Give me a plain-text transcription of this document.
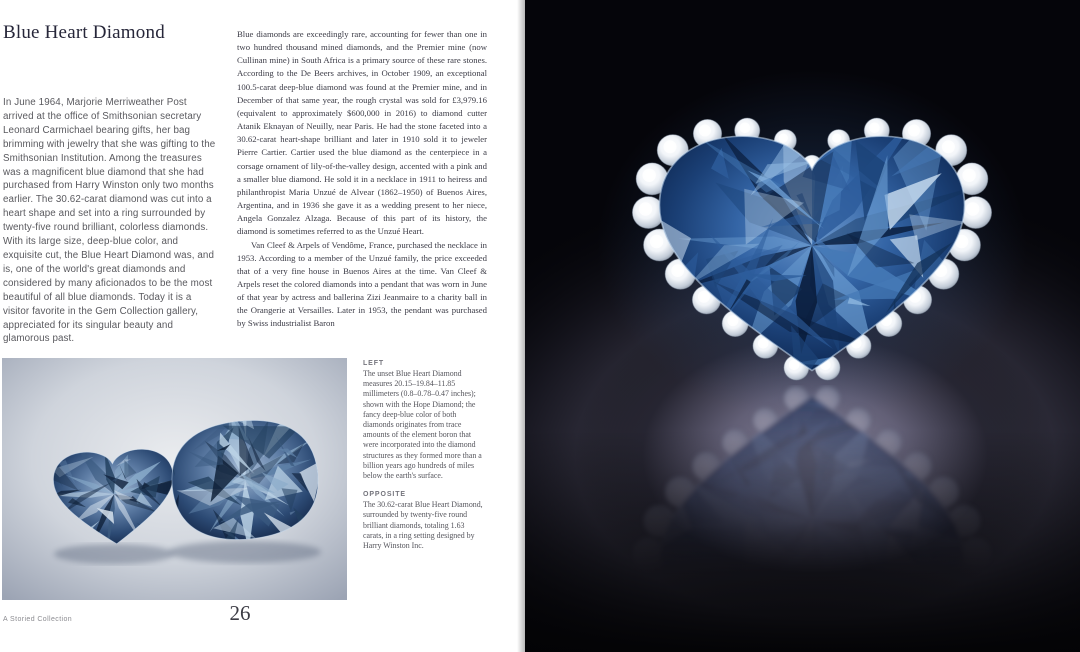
Blue Heart Diamond
In June 1964, Marjorie Merriweather Post arrived at the office of Smithsonian secretary Leonard Carmichael bearing gifts, her bag brimming with jewelry that she was gifting to the Smithsonian Institution. Among the treasures was a magnificent blue diamond that she had purchased from Harry Winston only two months earlier. The 30.62-carat diamond was cut into a heart shape and set into a ring surrounded by twenty-five round brilliant, colorless diamonds. With its large size, deep-blue color, and exquisite cut, the Blue Heart Diamond was, and is, one of the world's great diamonds and considered by many aficionados to be the most beautiful of all blue diamonds. Today it is a visitor favorite in the Gem Collection gallery, appreciated for its singular beauty and glamorous past.

Blue diamonds are exceedingly rare, accounting for fewer than one in two hundred thousand mined diamonds, and the Premier mine (now Cullinan mine) in South Africa is a primary source of these rare stones. According to the De Beers archives, in October 1909, an exceptional 100.5-carat deep-blue diamond was found at the Premier mine, and in December of that same year, the rough crystal was sold for £3,979.16 (equivalent to approximately $600,000 in 2016) to diamond cutter Atanik Eknayan of Neuilly, near Paris. He had the stone faceted into a 30.62-carat heart-shape brilliant and later in 1910 sold it to jeweler Pierre Cartier. Cartier used the blue diamond as the centerpiece in a corsage ornament of lily-of-the-valley design, accented with a pink and a smaller blue diamond. He sold it in a necklace in 1911 to heiress and philanthropist Maria Unzué de Alvear (1862–1950) of Buenos Aires, Argentina, and in 1936 she gave it as a wedding present to her niece, Angela Gonzalez Alzaga. Because of this part of its history, the diamond is sometimes referred to as the Unzué Heart.

Van Cleef & Arpels of Vendôme, France, purchased the necklace in 1953. According to a member of the Unzué family, the price exceeded that of a very fine house in Buenos Aires at the time. Van Cleef & Arpels reset the colored diamonds into a pendant that was worn in June of that year by actress and ballerina Zizi Jeanmaire to a charity ball in the Orangerie at Versailles. Later in 1953, the pendant was purchased by Swiss industrialist Baron

LEFT
The unset Blue Heart Diamond measures 20.15–19.84–11.85 millimeters (0.8–0.78–0.47 inches); shown with the Hope Diamond; the fancy deep-blue color of both diamonds originates from trace amounts of the element boron that were incorporated into the diamond structures as they formed more than a billion years ago hundreds of miles below the earth's surface.
OPPOSITE
The 30.62-carat Blue Heart Diamond, surrounded by twenty-five round brilliant diamonds, totaling 1.63 carats, in a ring setting designed by Harry Winston Inc.
A Storied Collection	26
